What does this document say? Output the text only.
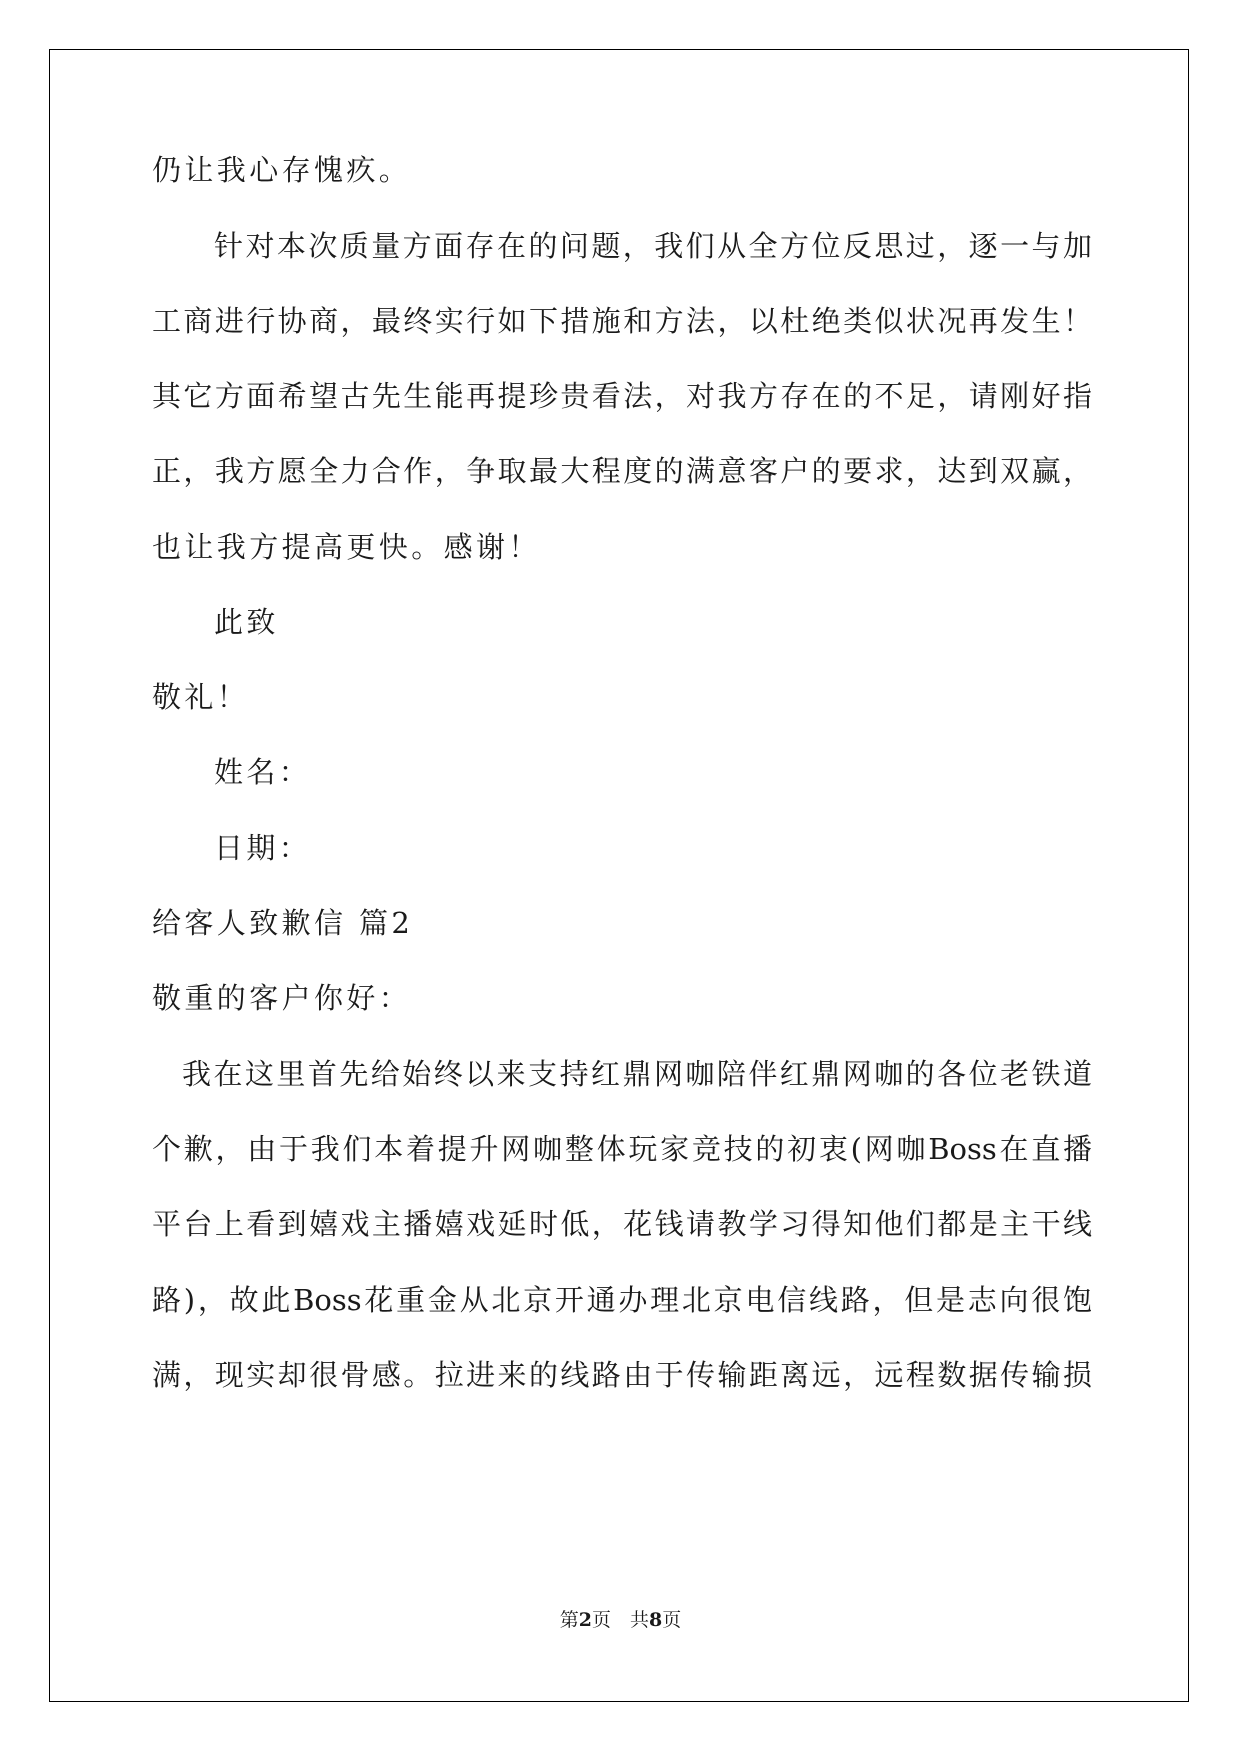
仍让我心存愧疚。
针对本次质量方面存在的问题，我们从全方位反思过，逐一与加
工商进行协商，最终实行如下措施和方法，以杜绝类似状况再发生！
其它方面希望古先生能再提珍贵看法，对我方存在的不足，请刚好指
正，我方愿全力合作，争取最大程度的满意客户的要求，达到双赢，
也让我方提高更快。感谢！
此致
敬礼！
姓名：
日期：
给客人致歉信 篇2
敬重的客户你好：
我在这里首先给始终以来支持红鼎网咖陪伴红鼎网咖的各位老铁道
个歉，由于我们本着提升网咖整体玩家竞技的初衷(网咖Boss在直播
平台上看到嬉戏主播嬉戏延时低，花钱请教学习得知他们都是主干线
路)，故此Boss花重金从北京开通办理北京电信线路，但是志向很饱
满，现实却很骨感。拉进来的线路由于传输距离远，远程数据传输损
第2页　共8页
